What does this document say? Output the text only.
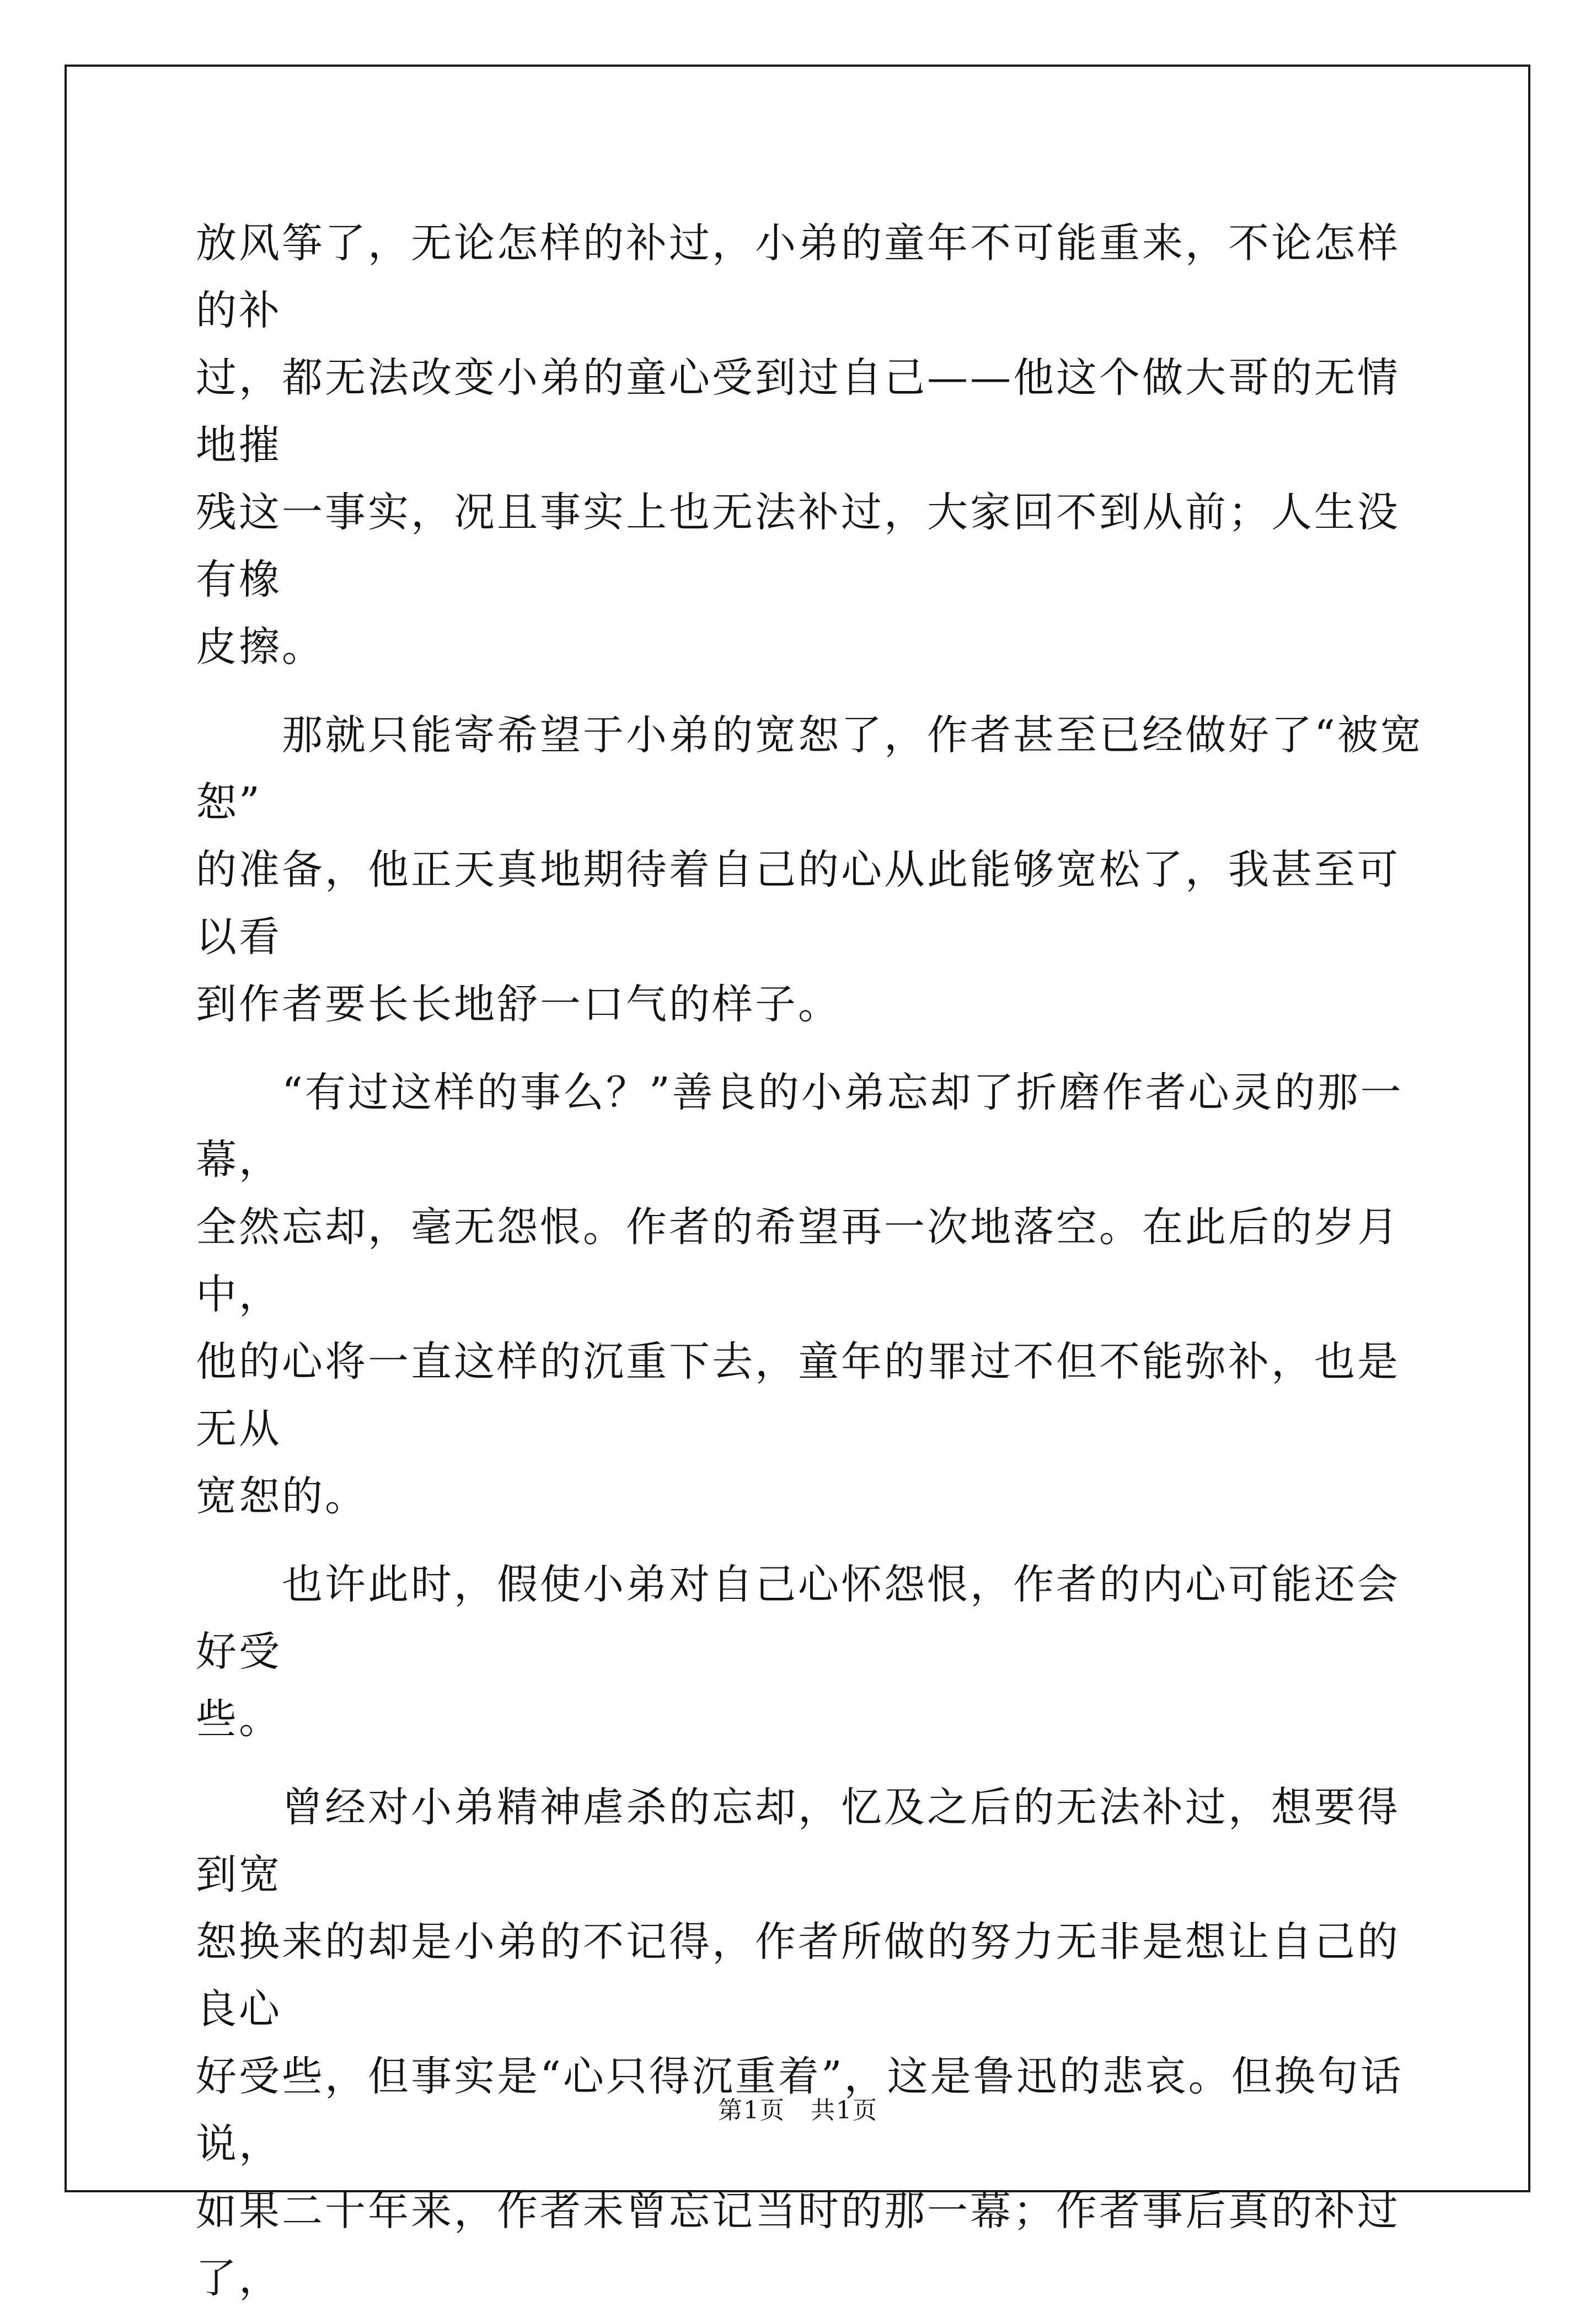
放风筝了，无论怎样的补过，小弟的童年不可能重来，不论怎样的补
过，都无法改变小弟的童心受到过自己——他这个做大哥的无情地摧
残这一事实，况且事实上也无法补过，大家回不到从前；人生没有橡
皮擦。

那就只能寄希望于小弟的宽恕了，作者甚至已经做好了“被宽恕”
的准备，他正天真地期待着自己的心从此能够宽松了，我甚至可以看
到作者要长长地舒一口气的样子。

“有过这样的事么？”善良的小弟忘却了折磨作者心灵的那一幕，
全然忘却，毫无怨恨。作者的希望再一次地落空。在此后的岁月中，
他的心将一直这样的沉重下去，童年的罪过不但不能弥补，也是无从
宽恕的。

也许此时，假使小弟对自己心怀怨恨，作者的内心可能还会好受
些。

曾经对小弟精神虐杀的忘却，忆及之后的无法补过，想要得到宽
恕换来的却是小弟的不记得，作者所做的努力无非是想让自己的良心
好受些，但事实是“心只得沉重着”，这是鲁迅的悲哀。但换句话说，
如果二十年来，作者未曾忘记当时的那一幕；作者事后真的补过了，

第1页　共1页
